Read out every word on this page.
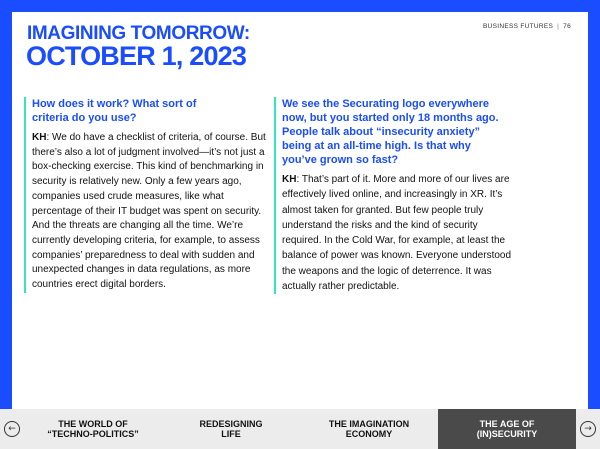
BUSINESS FUTURES | 76
IMAGINING TOMORROW:
OCTOBER 1, 2023
How does it work? What sort of criteria do you use?
KH: We do have a checklist of criteria, of course. But there’s also a lot of judgment involved—it’s not just a box-checking exercise. This kind of benchmarking in security is relatively new. Only a few years ago, companies used crude measures, like what percentage of their IT budget was spent on security. And the threats are changing all the time. We’re currently developing criteria, for example, to assess companies’ preparedness to deal with sudden and unexpected changes in data regulations, as more countries erect digital borders.
We see the Securating logo everywhere now, but you started only 18 months ago. People talk about “insecurity anxiety” being at an all-time high. Is that why you’ve grown so fast?
KH: That’s part of it. More and more of our lives are effectively lived online, and increasingly in XR. It’s almost taken for granted. But few people truly understand the risks and the kind of security required. In the Cold War, for example, at least the balance of power was known. Everyone understood the weapons and the logic of deterrence. It was actually rather predictable.
←	THE WORLD OF
“TECHNO-POLITICS”
REDESIGNING
LIFE
THE IMAGINATION
ECONOMY
THE AGE OF
(IN)SECURITY	→
